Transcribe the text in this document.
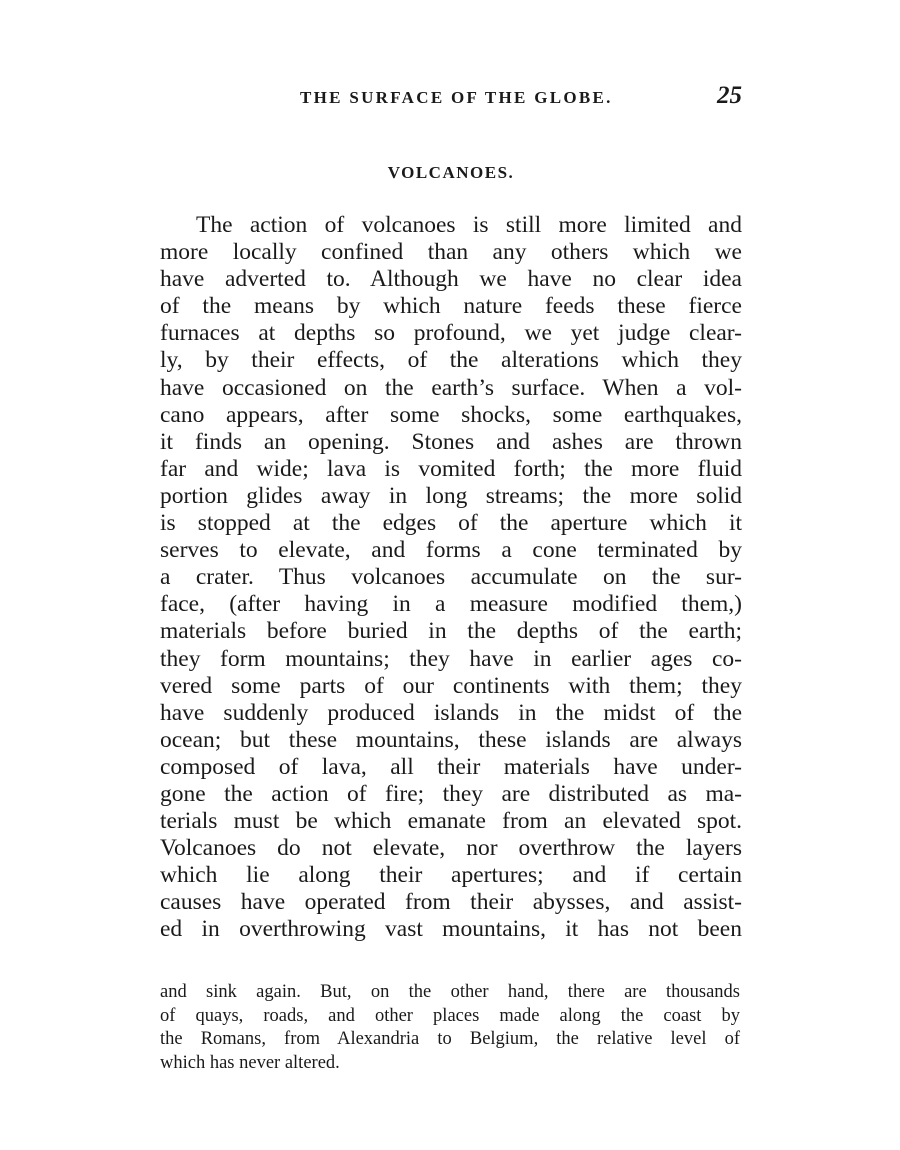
THE SURFACE OF THE GLOBE.	25
VOLCANOES.
The action of volcanoes is still more limited and
more locally confined than any others which we
have adverted to. Although we have no clear idea
of the means by which nature feeds these fierce
furnaces at depths so profound, we yet judge clear-
ly, by their effects, of the alterations which they
have occasioned on the earth’s surface. When a vol-
cano appears, after some shocks, some earthquakes,
it finds an opening. Stones and ashes are thrown
far and wide; lava is vomited forth; the more fluid
portion glides away in long streams; the more solid
is stopped at the edges of the aperture which it
serves to elevate, and forms a cone terminated by
a crater. Thus volcanoes accumulate on the sur-
face, (after having in a measure modified them,)
materials before buried in the depths of the earth;
they form mountains; they have in earlier ages co-
vered some parts of our continents with them; they
have suddenly produced islands in the midst of the
ocean; but these mountains, these islands are always
composed of lava, all their materials have under-
gone the action of fire; they are distributed as ma-
terials must be which emanate from an elevated spot.
Volcanoes do not elevate, nor overthrow the layers
which lie along their apertures; and if certain
causes have operated from their abysses, and assist-
ed in overthrowing vast mountains, it has not been
and sink again. But, on the other hand, there are thousands
of quays, roads, and other places made along the coast by
the Romans, from Alexandria to Belgium, the relative level of
which has never altered.
